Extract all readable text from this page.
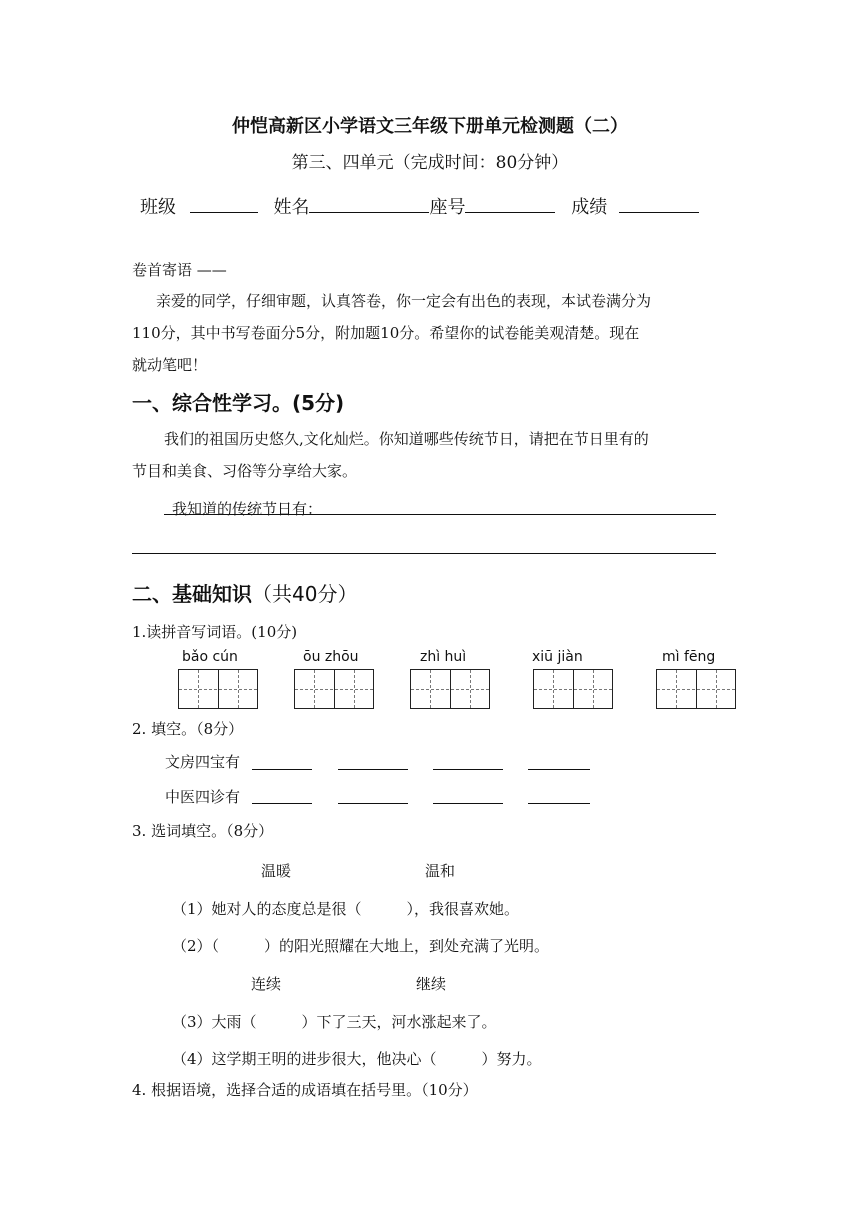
仲恺高新区小学语文三年级下册单元检测题（二）
第三、四单元（完成时间：80分钟）
班级	姓名	座号	成绩
卷首寄语 ——
亲爱的同学，仔细审题，认真答卷，你一定会有出色的表现，本试卷满分为
110分，其中书写卷面分5分，附加题10分。希望你的试卷能美观清楚。现在
就动笔吧！
一、综合性学习。(5分)
我们的祖国历史悠久,文化灿烂。你知道哪些传统节日，请把在节日里有的
节目和美食、习俗等分享给大家。
我知道的传统节日有：
二、基础知识（共40分）
1.读拼音写词语。(10分)
bǎo cún	ōu zhōu	zhì huì	xiū jiàn	mì fēng
2. 填空。（8分）
文房四宝有
中医四诊有
3. 选词填空。（8分）
温暖	温和
（1）她对人的态度总是很（　　　），我很喜欢她。
（2）（　　　）的阳光照耀在大地上，到处充满了光明。
连续	继续
（3）大雨（　　　）下了三天，河水涨起来了。
（4）这学期王明的进步很大，他决心（　　　）努力。
4. 根据语境，选择合适的成语填在括号里。（10分）
